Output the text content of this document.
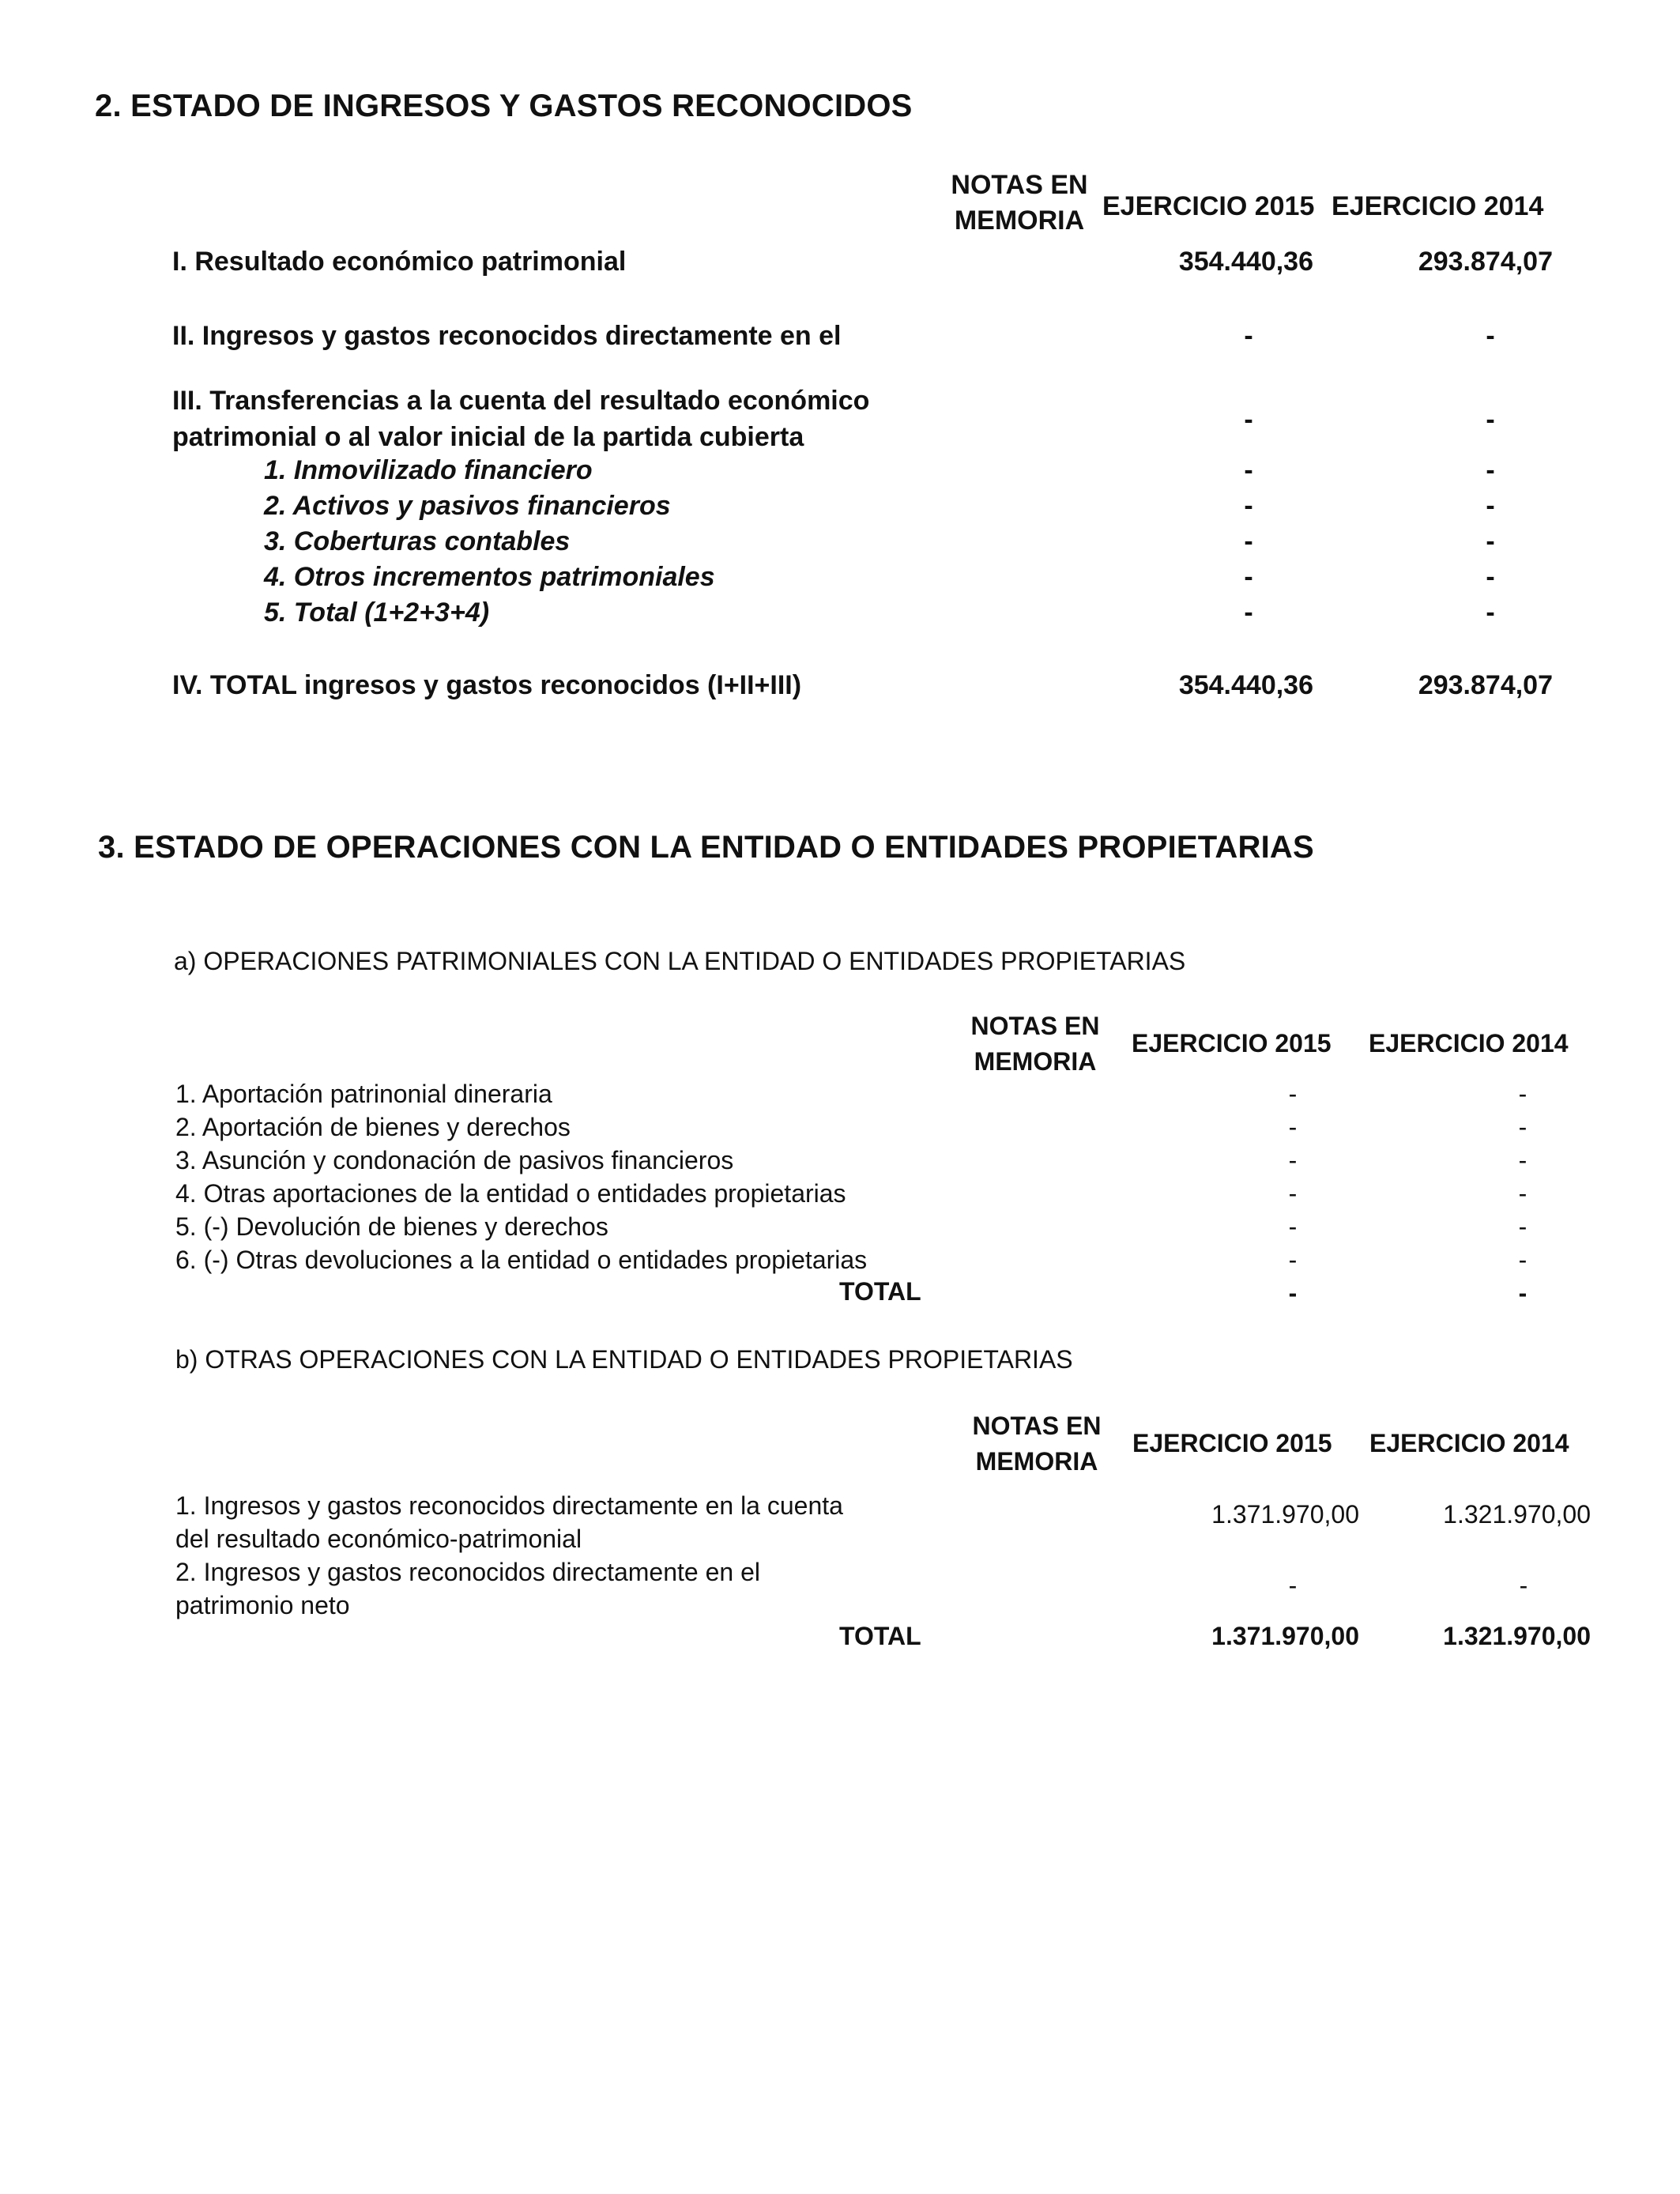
2. ESTADO DE INGRESOS Y GASTOS RECONOCIDOS
NOTAS EN
MEMORIA EJERCICIO 2015 EJERCICIO 2014
I. Resultado económico patrimonial	354.440,36	293.874,07
II. Ingresos y gastos reconocidos directamente en el	-	-
III. Transferencias a la cuenta del resultado económico
patrimonial o al valor inicial de la partida cubierta
-	-
1. Inmovilizado financiero	-	-
2. Activos y pasivos financieros	-	-
3. Coberturas contables	-	-
4. Otros incrementos patrimoniales	-	-
5. Total (1+2+3+4)	-	-
IV. TOTAL ingresos y gastos reconocidos (I+II+III)	354.440,36	293.874,07
3. ESTADO DE OPERACIONES CON LA ENTIDAD O ENTIDADES PROPIETARIAS
a) OPERACIONES PATRIMONIALES CON LA ENTIDAD O ENTIDADES PROPIETARIAS
NOTAS EN
MEMORIA
EJERCICIO 2015 EJERCICIO 2014
1. Aportación patrinonial dineraria	-	-
2. Aportación de bienes y derechos	-	-
3. Asunción y condonación de pasivos financieros	-	-
4. Otras aportaciones de la entidad o entidades propietarias	-	-
5. (-) Devolución de bienes y derechos	-	-
6. (-) Otras devoluciones a la entidad o entidades propietarias	-	-
TOTAL	-	-
b) OTRAS OPERACIONES CON LA ENTIDAD O ENTIDADES PROPIETARIAS
NOTAS EN
MEMORIA
EJERCICIO 2015 EJERCICIO 2014
1. Ingresos y gastos reconocidos directamente en la cuenta
del resultado económico-patrimonial
1.371.970,00	1.321.970,00
2. Ingresos y gastos reconocidos directamente en el
patrimonio neto
-	-
TOTAL	1.371.970,00	1.321.970,00
